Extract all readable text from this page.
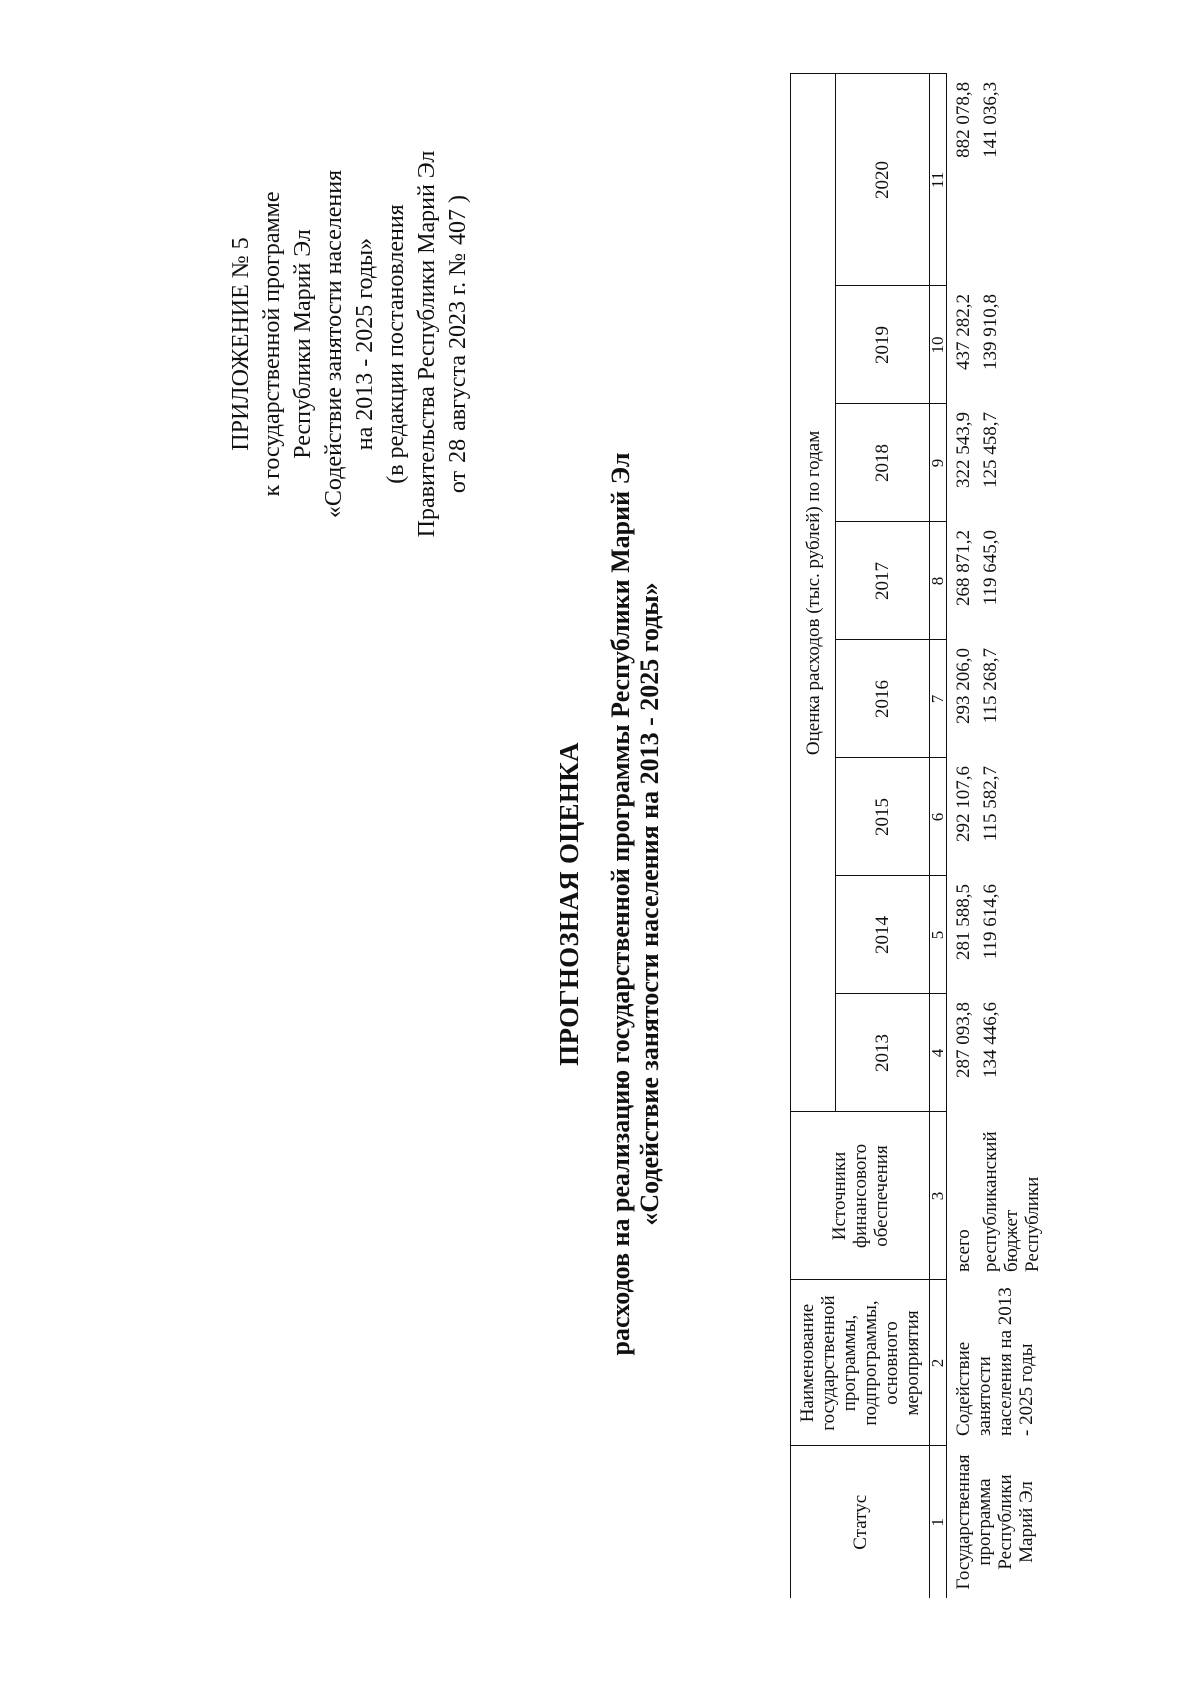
ПРИЛОЖЕНИЕ № 5 к государственной программе Республики Марий Эл «Содействие занятости населения на 2013 - 2025 годы» (в редакции постановления Правительства Республики Марий Эл от28августа 2023 г. №407 )
ПРОГНОЗНАЯ ОЦЕНКА расходов на реализацию государственной программы Республики Марий Эл «Содействие занятости населения на 2013 - 2025 годы»
Статус	Наименование государственной программы, подпрограммы, основного мероприятия	Источники финансового обеспечения	Оценка расходов (тыс. рублей) по годам							
			2013	2014	2015	2016	2017	2018	2019	2020
1	2	3	4	5	6	7	8	9	10	11
Государственная программа Республики Марий Эл	Содействие занятости населения на 2013 - 2025 годы	всего	287 093,8	281 588,5	292 107,6	293 206,0	268 871,2	322 543,9	437 282,2	882 078,8
		республиканский бюджет Республики	134 446,6	119 614,6	115 582,7	115 268,7	119 645,0	125 458,7	139 910,8	141 036,3
